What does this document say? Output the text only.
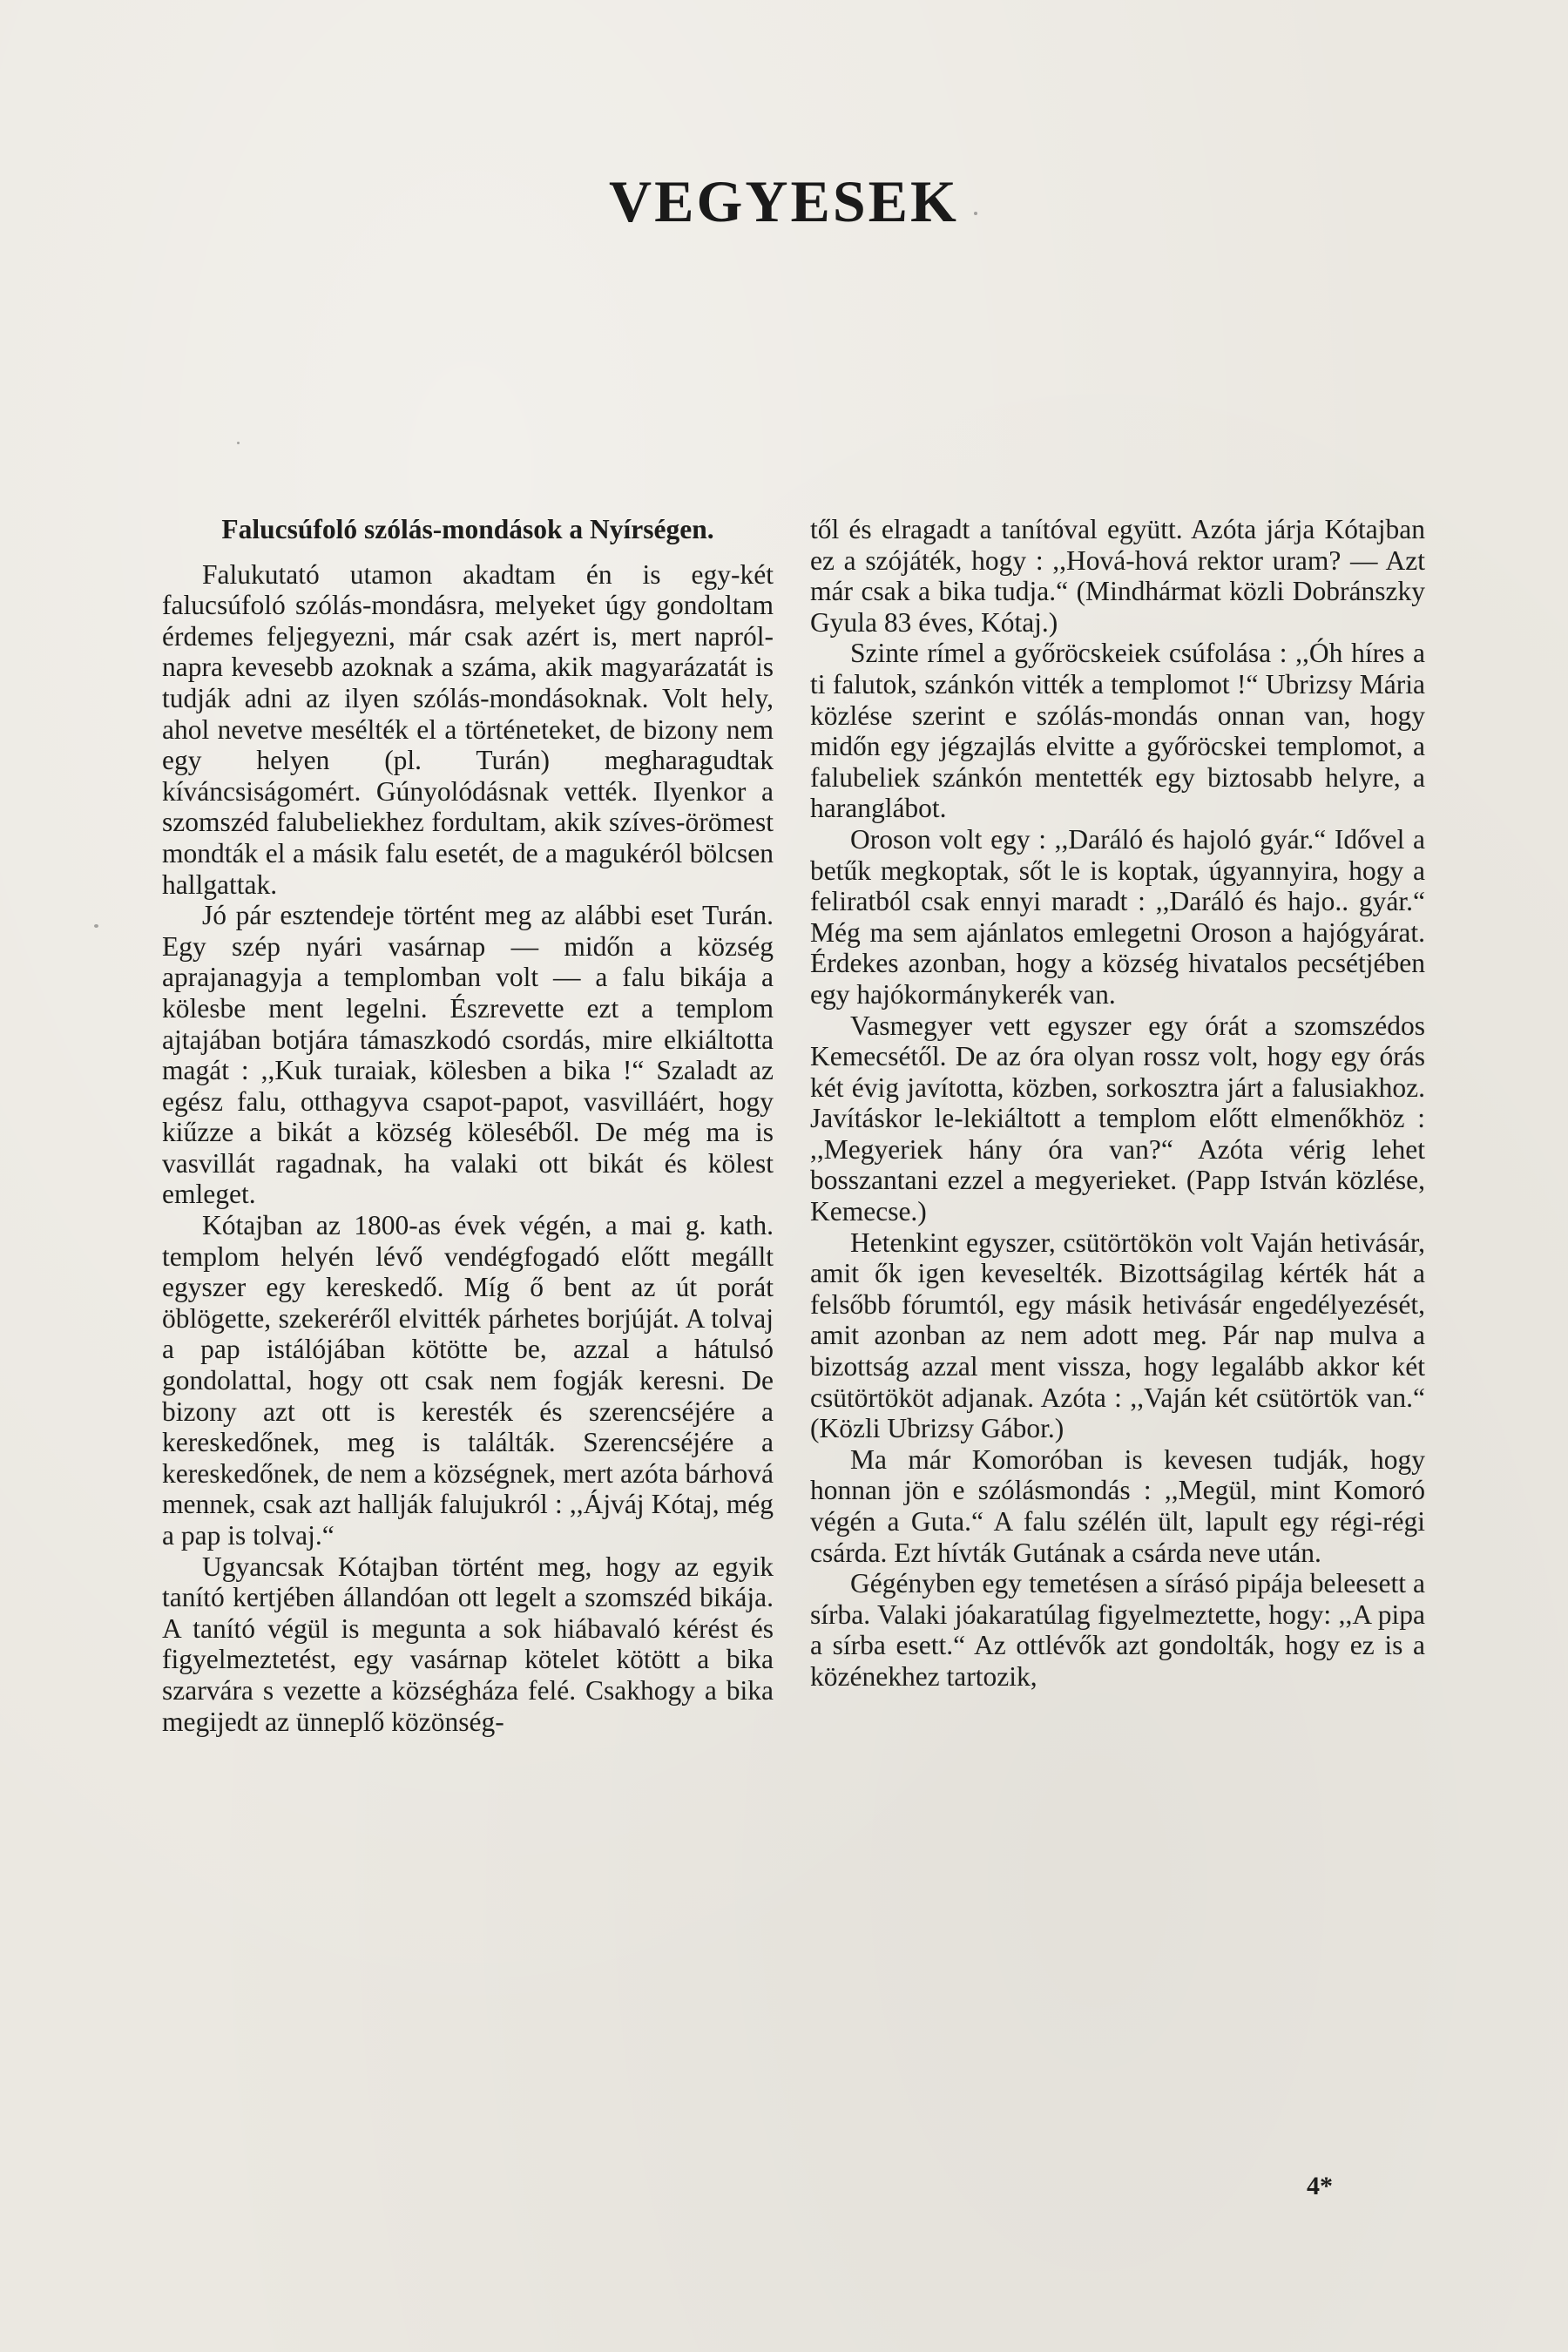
VEGYESEK
Falucsúfoló szólás-mondások a Nyírségen.

Falukutató utamon akadtam én is egy-két falucsúfoló szólás-mondásra, melyeket úgy gondoltam érdemes feljegyezni, már csak azért is, mert napról-napra kevesebb azoknak a száma, akik magyarázatát is tudják adni az ilyen szólás-mondásoknak. Volt hely, ahol nevetve mesélték el a történeteket, de bizony nem egy helyen (pl. Turán) megharagudtak kíváncsiságomért. Gúnyolódásnak vették. Ilyenkor a szomszéd falubeliekhez fordultam, akik szíves-örömest mondták el a másik falu esetét, de a magukéról bölcsen hallgattak.

Jó pár esztendeje történt meg az alábbi eset Turán. Egy szép nyári vasárnap — midőn a község aprajanagyja a templomban volt — a falu bikája a kölesbe ment legelni. Észrevette ezt a templom ajtajában botjára támaszkodó csordás, mire elkiáltotta magát : ,,Kuk turaiak, kölesben a bika !“ Szaladt az egész falu, otthagyva csapot-papot, vasvilláért, hogy kiűzze a bikát a község köleséből. De még ma is vasvillát ragadnak, ha valaki ott bikát és kölest emleget.

Kótajban az 1800-as évek végén, a mai g. kath. templom helyén lévő vendégfogadó előtt megállt egyszer egy kereskedő. Míg ő bent az út porát öblögette, szekeréről elvitték párhetes borjúját. A tolvaj a pap istálójában kötötte be, azzal a hátulsó gondolattal, hogy ott csak nem fogják keresni. De bizony azt ott is keresték és szerencséjére a kereskedőnek, meg is találták. Szerencséjére a kereskedőnek, de nem a községnek, mert azóta bárhová mennek, csak azt hallják falujukról : ,,Ájváj Kótaj, még a pap is tolvaj.“

Ugyancsak Kótajban történt meg, hogy az egyik tanító kertjében állandóan ott legelt a szomszéd bikája. A tanító végül is megunta a sok hiábavaló kérést és figyelmeztetést, egy vasárnap kötelet kötött a bika szarvára s vezette a községháza felé. Csakhogy a bika megijedt az ünneplő közönség-

től és elragadt a tanítóval együtt. Azóta járja Kótajban ez a szójáték, hogy : ,,Hová-hová rektor uram? — Azt már csak a bika tudja.“ (Mindhármat közli Dobránszky Gyula 83 éves, Kótaj.)

Szinte rímel a győröcskeiek csúfolása : ,,Óh híres a ti falutok, szánkón vitték a templomot !“ Ubrizsy Mária közlése szerint e szólás-mondás onnan van, hogy midőn egy jégzajlás elvitte a győröcskei templomot, a falubeliek szánkón mentették egy biztosabb helyre, a haranglábot.

Oroson volt egy : ,,Daráló és hajoló gyár.“ Idővel a betűk megkoptak, sőt le is koptak, úgyannyira, hogy a feliratból csak ennyi maradt : ,,Daráló és hajo.. gyár.“ Még ma sem ajánlatos emlegetni Oroson a hajógyárat. Érdekes azonban, hogy a község hivatalos pecsétjében egy hajókormánykerék van.

Vasmegyer vett egyszer egy órát a szomszédos Kemecsétől. De az óra olyan rossz volt, hogy egy órás két évig javította, közben, sorkosztra járt a falusiakhoz. Javításkor le-lekiáltott a templom előtt elmenőkhöz : ,,Megyeriek hány óra van?“ Azóta vérig lehet bosszantani ezzel a megyerieket. (Papp István közlése, Kemecse.)

Hetenkint egyszer, csütörtökön volt Vaján hetivásár, amit ők igen keveselték. Bizottságilag kérték hát a felsőbb fórumtól, egy másik hetivásár engedélyezését, amit azonban az nem adott meg. Pár nap mulva a bizottság azzal ment vissza, hogy legalább akkor két csütörtököt adjanak. Azóta : ,,Vaján két csütörtök van.“ (Közli Ubrizsy Gábor.)

Ma már Komoróban is kevesen tudják, hogy honnan jön e szólásmondás : ,,Megül, mint Komoró végén a Guta.“ A falu szélén ült, lapult egy régi-régi csárda. Ezt hívták Gutának a csárda neve után.

Gégényben egy temetésen a sírásó pipája beleesett a sírba. Valaki jóakaratúlag figyelmeztette, hogy: ,,A pipa a sírba esett.“ Az ottlévők azt gondolták, hogy ez is a közénekhez tartozik,

4*
